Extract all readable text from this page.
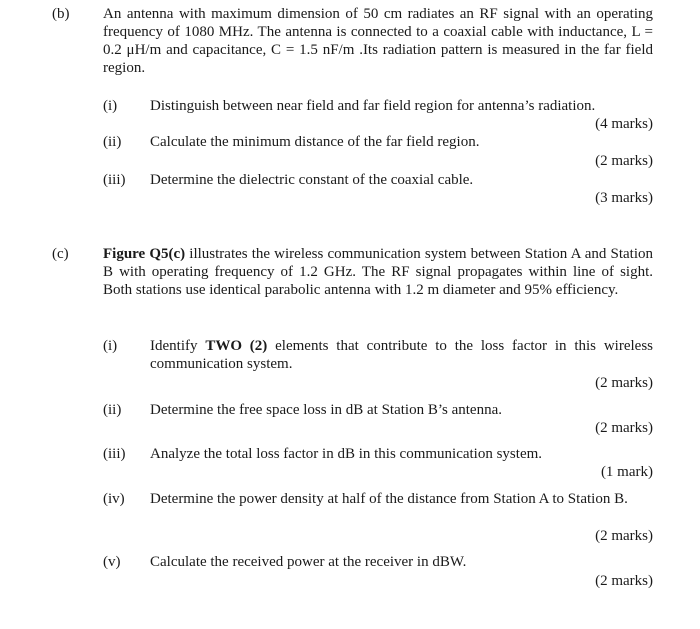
(b) An antenna with maximum dimension of 50 cm radiates an RF signal with an operating frequency of 1080 MHz. The antenna is connected to a coaxial cable with inductance, L = 0.2 μH/m and capacitance, C = 1.5 nF/m .Its radiation pattern is measured in the far field region.
(i) Distinguish between near field and far field region for antenna’s radiation.
(4 marks)
(ii) Calculate the minimum distance of the far field region.
(2 marks)
(iii) Determine the dielectric constant of the coaxial cable.
(3 marks)
(c) Figure Q5(c) illustrates the wireless communication system between Station A and Station B with operating frequency of 1.2 GHz. The RF signal propagates within line of sight. Both stations use identical parabolic antenna with 1.2 m diameter and 95% efficiency.
(i) Identify TWO (2) elements that contribute to the loss factor in this wireless communication system.
(2 marks)
(ii) Determine the free space loss in dB at Station B’s antenna.
(2 marks)
(iii) Analyze the total loss factor in dB in this communication system.
(1 mark)
(iv) Determine the power density at half of the distance from Station A to Station B.
(2 marks)
(v) Calculate the received power at the receiver in dBW.
(2 marks)
